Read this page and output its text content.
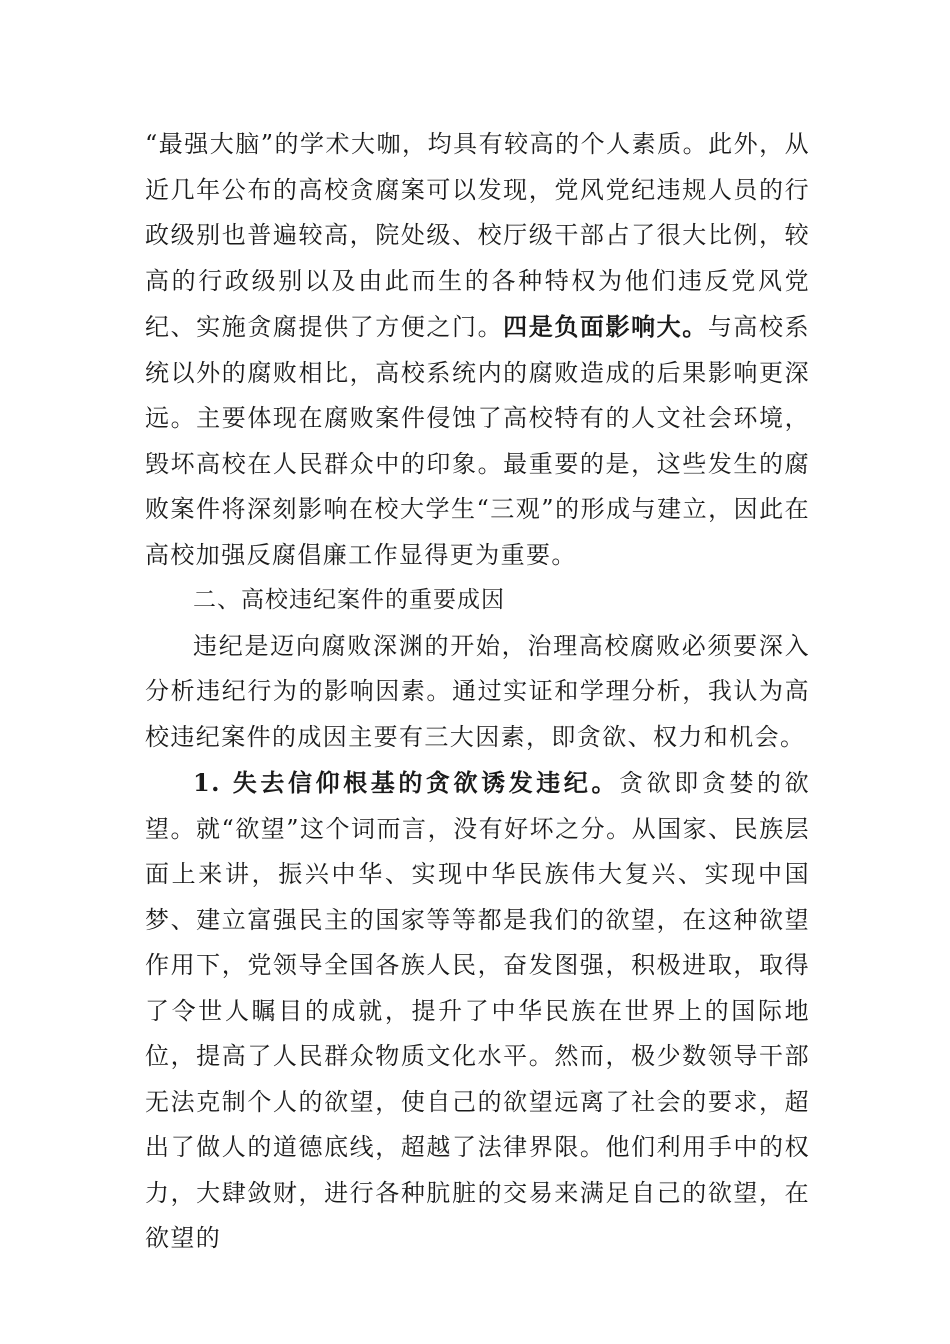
“最强大脑”的学术大咖，均具有较高的个人素质。此外，从近几年公布的高校贪腐案可以发现，党风党纪违规人员的行政级别也普遍较高，院处级、校厅级干部占了很大比例，较高的行政级别以及由此而生的各种特权为他们违反党风党纪、实施贪腐提供了方便之门。四是负面影响大。与高校系统以外的腐败相比，高校系统内的腐败造成的后果影响更深远。主要体现在腐败案件侵蚀了高校特有的人文社会环境，毁坏高校在人民群众中的印象。最重要的是，这些发生的腐败案件将深刻影响在校大学生“三观”的形成与建立，因此在高校加强反腐倡廉工作显得更为重要。

二、高校违纪案件的重要成因

违纪是迈向腐败深渊的开始，治理高校腐败必须要深入分析违纪行为的影响因素。通过实证和学理分析，我认为高校违纪案件的成因主要有三大因素，即贪欲、权力和机会。

1. 失去信仰根基的贪欲诱发违纪。贪欲即贪婪的欲望。就“欲望”这个词而言，没有好坏之分。从国家、民族层面上来讲，振兴中华、实现中华民族伟大复兴、实现中国梦、建立富强民主的国家等等都是我们的欲望，在这种欲望作用下，党领导全国各族人民，奋发图强，积极进取，取得了令世人瞩目的成就，提升了中华民族在世界上的国际地位，提高了人民群众物质文化水平。然而，极少数领导干部无法克制个人的欲望，使自己的欲望远离了社会的要求，超出了做人的道德底线，超越了法律界限。他们利用手中的权力，大肆敛财，进行各种肮脏的交易来满足自己的欲望，在欲望的
